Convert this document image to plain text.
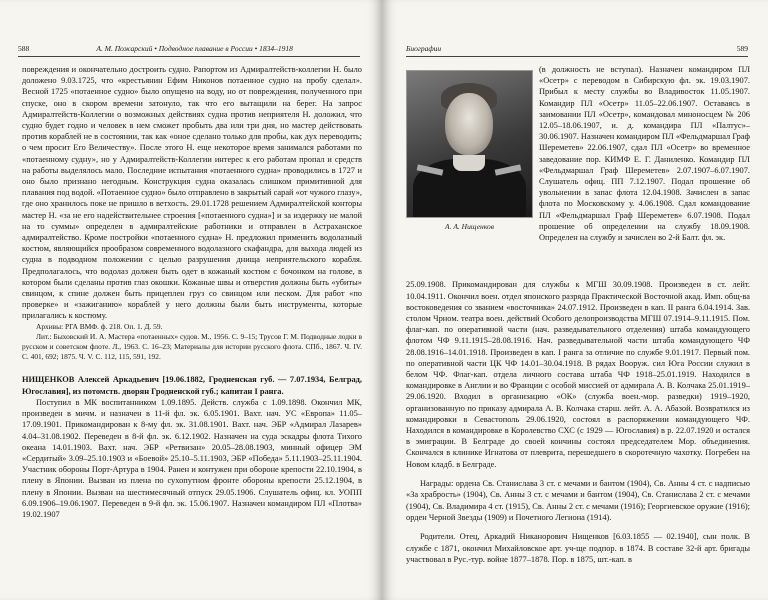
588	А. М. Пожарский • Подводное плавание в России • 1834–1918

повреждения и окончательно достроить судно. Рапортом из Адмиралтейств-коллегии Н. было доложено 9.03.1725, что «крестьянин Ефим Никонов потаенное судно на пробу сделал». Весной 1725 «потаенное судно» было опущено на воду, но от повреждения, полученного при спуске, оно в скором времени затонуло, так что его вытащили на берег. На запрос Адмиралтейств-Коллегии о возможных действиях судна против неприятеля Н. доложил, что судно будет годно и человек в нем сможет пробыть два или три дня, но мастер действовать против кораблей не в состоянии, так как «оное сделано только для пробы, как дух переводить; о чем просит Его Величеству». После этого Н. еще некоторое время занимался работами по «потаенному судну», но у Адмиралтейств-Коллегии интерес к его работам пропал и средств на работы выделялось мало. Последние испытания «потаенного судна» проводились в 1727 и оно было признано негодным. Конструкция судна оказалась слишком примитивной для плавания под водой. «Потаенное судно» было отправлено в закрытый сарай «от чужого глазу», где оно хранилось поке не пришло в ветхость. 29.01.1728 решением Адмиралтейской конторы мастер Н. «за не его надействительнее строения [«потаенного судна»] и за издержку не малой на то суммы» определен в адмиралтейские работники и отправлен в Астраханское адмиралтейство. Кроме постройки «потаенного судна» Н. предложил применить водолазный костюм, являющийся прообразом современного водолазного скафандра, для выхода людей из судна в подводном положении с целью разрушения днища неприятельского корабля. Предполагалось, что водолаз должен быть одет в кожаный костюм с бочонком на голове, в котором были сделаны против глаз окошки. Кожаные швы и отверстия должны быть «убиты» свинцом, к спине должен быть прицеплен груз со свинцом или песком. Для работ «по проверке» и «зажиганию» кораблей у него должны были быть инструменты, которые прилагались к костюму.

Архивы: РГА ВМФ. ф. 218. Оп. 1. Д. 59.

Лит.: Быховский И. А. Мастера «потаенных» судов. М., 1956. С. 9–15; Трусов Г. М. Подводные лодки в русском и советском флоте. Л., 1963. С. 16–23; Материалы для истории русского флота. СПб., 1867. Ч. IV. С. 401, 692; 1875. Ч. V. С. 112, 115, 591, 192.

НИЩЕНКОВ Алексей Аркадьевич [19.06.1882, Гродненская губ. — 7.07.1934, Белград, Югославия], из потомств. дворян Гродненской губ.; капитан I ранга.

Поступил в МК воспитанником 1.09.1895. Действ. служба с 1.09.1898. Окончил МК, произведен в мичм. и назначен в 11-й фл. эк. 6.05.1901. Вахт. нач. УС «Европа» 11.05–17.09.1901. Прикомандирован к 8-му фл. эк. 31.08.1901. Вахт. нач. ЭБР «Адмирал Лазарев» 4.04–31.08.1902. Переведен в 8-й фл. эк. 6.12.1902. Назначен на суда эскадры флота Тихого океана 14.01.1903. Вахт. нач. ЭБР «Ретвизан» 20.05–28.08.1903, минный офицер ЭМ «Сердитый» 3.09–25.10.1903 и «Боевой» 25.10–5.11.1903, ЭБР «Победа» 5.11.1903–25.11.1904. Участник обороны Порт-Артура в 1904. Ранен и контужен при обороне крепости 22.10.1904, в плену в Японии. Вызван из плена по сухопутном фронте обороны крепости 25.12.1904, в плену в Японии. Вызван на шестимесячный отпуск 29.05.1906. Слушатель офиц. кл. УОПП 6.09.1906–19.06.1907. Переведен в 9-й фл. эк. 15.06.1907. Назначен командиром ПЛ «Плотва» 19.02.1907

Биографии	589
А. А. Нищенков
(в должность не вступал). Назначен командиром ПЛ «Осетр» с переводом в Сибирскую фл. эк. 19.03.1907. Прибыл к месту службы во Владивосток 11.05.1907. Командир ПЛ «Осетр» 11.05–22.06.1907. Оставаясь в заимовании ПЛ «Осетр», командовал миноносцем № 206 12.05–18.06.1907, и. д. командира ПЛ «Палтус»–30.06.1907. Назначен командиром ПЛ «Фельдмаршал Граф Шереметев» 22.06.1907, сдал ПЛ «Осетр» во временное заведование пор. КИМФ Е. Г. Даниленко. Командир ПЛ «Фельдмаршал Граф Шереметев» 2.07.1907–6.07.1907. Слушатель офиц. ПП 7.12.1907. Подал прошение об увольнении в запас флота 12.04.1908. Зачислен в запас флота по Московскому у. 4.06.1908. Сдал командование ПЛ «Фельдмаршал Граф Шереметев» 6.07.1908. Подал прошение об определении на службу 18.09.1908. Определен на службу и зачислен во 2-й Балт. фл. эк.

25.09.1908. Прикомандирован для службы к МГШ 30.09.1908. Произведен в ст. лейт. 10.04.1911. Окончил воен. отдел японского разряда Практической Восточной акад. Имп. общ-ва востоковедения со званием «восточника» 24.07.1912. Произведен в кап. II ранга 6.04.1914. Зав. столом Чрном. театра воен. действий Особого делопроизводства МГШ 07.1914–9.11.1915. Пом. флаг-кап. по оперативной части (нач. разведывательного отделения) штаба командующего флотом ЧФ 9.11.1915–28.08.1916. Нач. разведывательной части штаба командующего ЧФ 28.08.1916–14.01.1918. Произведен в кап. I ранга за отличие по службе 9.01.1917. Первый пом. по оперативной части ЦК ЧФ 14.01–30.04.1918. В рядах Вооруж. сил Юга России служил в белом ЧФ. Флаг-кап. отдела личного состава штаба ЧФ 1918–25.01.1919. Находился в командировке в Англии и во Франции с особой миссией от адмирала А. В. Колчака 25.01.1919–29.06.1920. Входил в организацию «ОК» (служба воен.-мор. разведки) 1919–1920, организованную по приказу адмирала А. В. Колчака старш. лейт. А. А. Абазой. Возвратился из командировки в Севастополь 29.06.1920, состоял в распоряжении командующего ЧФ. Находился в командировке в Королевство СХС (с 1929 — Югославия) в р. 22.07.1920 и остался в эмиграции. В Белграде до своей кончины состоял председателем Мор. объединения. Скончался в клинике Игнатова от плеврита, перешедшего в скоротечную чахотку. Погребен на Новом кладб. в Белграде.

Награды: ордена Св. Станислава 3 ст. с мечами и бантом (1904), Св. Анны 4 ст. с надписью «За храбрость» (1904), Св. Анны 3 ст. с мечами и бантом (1904), Св. Станислава 2 ст. с мечами (1904), Св. Владимира 4 ст. (1915), Св. Анны 2 ст. с мечами (1916); Георгиевское оружие (1916); орден Черной Звезды (1909) и Почетного Легиона (1914).

Родители. Отец, Аркадий Никанорович Нищенков [6.03.1855 — 02.1940], сын полк. В службе с 1871, окончил Михайловское арт. уч-ще подпор. в 1874. В составе 32-й арт. бригады участвовал в Рус.-тур. войне 1877–1878. Пор. в 1875, шт.-кап. в
